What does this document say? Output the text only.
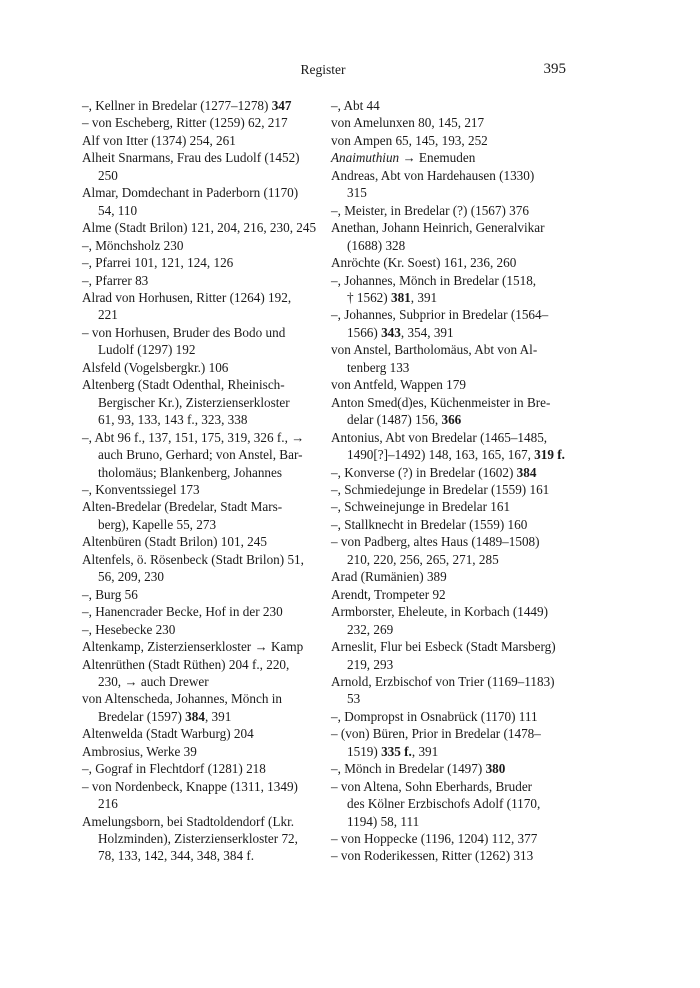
Register	395
–, Kellner in Bredelar (1277–1278) 347
– von Escheberg, Ritter (1259) 62, 217
Alf von Itter (1374) 254, 261
Alheit Snarmans, Frau des Ludolf (1452)
250
Almar, Domdechant in Paderborn (1170)
54, 110
Alme (Stadt Brilon) 121, 204, 216, 230, 245
–, Mönchsholz 230
–, Pfarrei 101, 121, 124, 126
–, Pfarrer 83
Alrad von Horhusen, Ritter (1264) 192,
221
– von Horhusen, Bruder des Bodo und
Ludolf (1297) 192
Alsfeld (Vogelsbergkr.) 106
Altenberg (Stadt Odenthal, Rheinisch-
Bergischer Kr.), Zisterzienserkloster
61, 93, 133, 143 f., 323, 338
–, Abt 96 f., 137, 151, 175, 319, 326 f., →
auch Bruno, Gerhard; von Anstel, Bar-
tholomäus; Blankenberg, Johannes
–, Konventssiegel 173
Alten-Bredelar (Bredelar, Stadt Mars-
berg), Kapelle 55, 273
Altenbüren (Stadt Brilon) 101, 245
Altenfels, ö. Rösenbeck (Stadt Brilon) 51,
56, 209, 230
–, Burg 56
–, Hanencrader Becke, Hof in der 230
–, Hesebecke 230
Altenkamp, Zisterzienserkloster → Kamp
Altenrüthen (Stadt Rüthen) 204 f., 220,
230, → auch Drewer
von Altenscheda, Johannes, Mönch in
Bredelar (1597) 384, 391
Altenwelda (Stadt Warburg) 204
Ambrosius, Werke 39
–, Gograf in Flechtdorf (1281) 218
– von Nordenbeck, Knappe (1311, 1349)
216
Amelungsborn, bei Stadtoldendorf (Lkr.
Holzminden), Zisterzienserkloster 72,
78, 133, 142, 344, 348, 384 f.
–, Abt 44
von Amelunxen 80, 145, 217
von Ampen 65, 145, 193, 252
Anaimuthiun → Enemuden
Andreas, Abt von Hardehausen (1330)
315
–, Meister, in Bredelar (?) (1567) 376
Anethan, Johann Heinrich, Generalvikar
(1688) 328
Anröchte (Kr. Soest) 161, 236, 260
–, Johannes, Mönch in Bredelar (1518,
† 1562) 381, 391
–, Johannes, Subprior in Bredelar (1564–
1566) 343, 354, 391
von Anstel, Bartholomäus, Abt von Al-
tenberg 133
von Antfeld, Wappen 179
Anton Smed(d)es, Küchenmeister in Bre-
delar (1487) 156, 366
Antonius, Abt von Bredelar (1465–1485,
1490[?]–1492) 148, 163, 165, 167, 319 f.
–, Konverse (?) in Bredelar (1602) 384
–, Schmiedejunge in Bredelar (1559) 161
–, Schweinejunge in Bredelar 161
–, Stallknecht in Bredelar (1559) 160
– von Padberg, altes Haus (1489–1508)
210, 220, 256, 265, 271, 285
Arad (Rumänien) 389
Arendt, Trompeter 92
Armborster, Eheleute, in Korbach (1449)
232, 269
Arneslit, Flur bei Esbeck (Stadt Marsberg)
219, 293
Arnold, Erzbischof von Trier (1169–1183)
53
–, Dompropst in Osnabrück (1170) 111
– (von) Büren, Prior in Bredelar (1478–
1519) 335 f., 391
–, Mönch in Bredelar (1497) 380
– von Altena, Sohn Eberhards, Bruder
des Kölner Erzbischofs Adolf (1170,
1194) 58, 111
– von Hoppecke (1196, 1204) 112, 377
– von Roderikessen, Ritter (1262) 313
